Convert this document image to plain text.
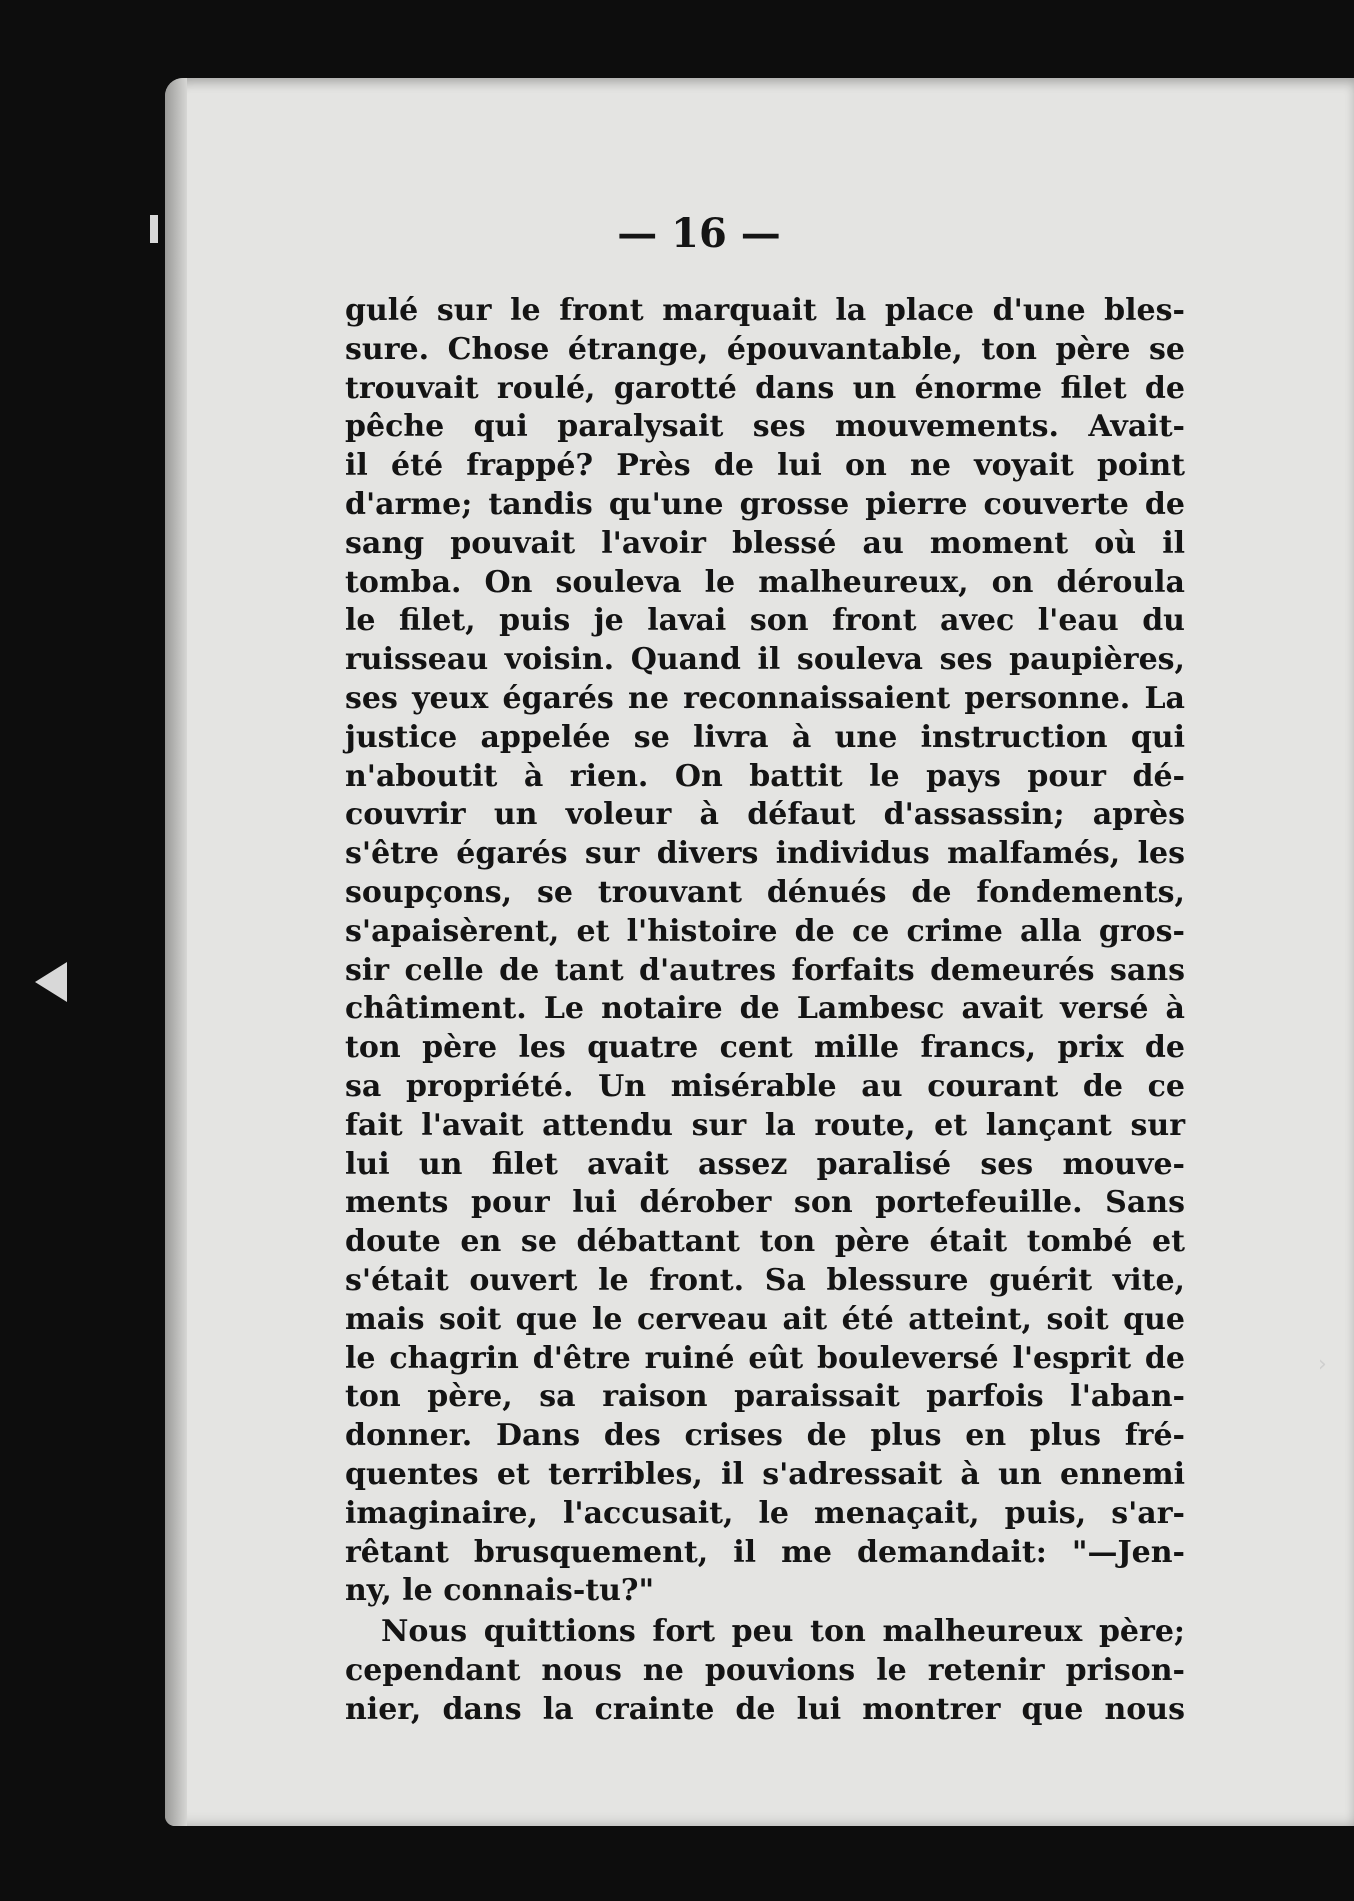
— 16 —
gulé sur le front marquait la place d'une bles-
sure. Chose étrange, épouvantable, ton père se
trouvait roulé, garotté dans un énorme filet de
pêche qui paralysait ses mouvements. Avait-
il été frappé? Près de lui on ne voyait point
d'arme; tandis qu'une grosse pierre couverte de
sang pouvait l'avoir blessé au moment où il
tomba. On souleva le malheureux, on déroula
le filet, puis je lavai son front avec l'eau du
ruisseau voisin. Quand il souleva ses paupières,
ses yeux égarés ne reconnaissaient personne. La
justice appelée se livra à une instruction qui
n'aboutit à rien. On battit le pays pour dé-
couvrir un voleur à défaut d'assassin; après
s'être égarés sur divers individus malfamés, les
soupçons, se trouvant dénués de fondements,
s'apaisèrent, et l'histoire de ce crime alla gros-
sir celle de tant d'autres forfaits demeurés sans
châtiment. Le notaire de Lambesc avait versé à
ton père les quatre cent mille francs, prix de
sa propriété. Un misérable au courant de ce
fait l'avait attendu sur la route, et lançant sur
lui un filet avait assez paralisé ses mouve-
ments pour lui dérober son portefeuille. Sans
doute en se débattant ton père était tombé et
s'était ouvert le front. Sa blessure guérit vite,
mais soit que le cerveau ait été atteint, soit que
le chagrin d'être ruiné eût bouleversé l'esprit de
ton père, sa raison paraissait parfois l'aban-
donner. Dans des crises de plus en plus fré-
quentes et terribles, il s'adressait à un ennemi
imaginaire, l'accusait, le menaçait, puis, s'ar-
rêtant brusquement, il me demandait: "—Jen-
ny, le connais-tu?"
Nous quittions fort peu ton malheureux père;
cependant nous ne pouvions le retenir prison-
nier, dans la crainte de lui montrer que nous
›
